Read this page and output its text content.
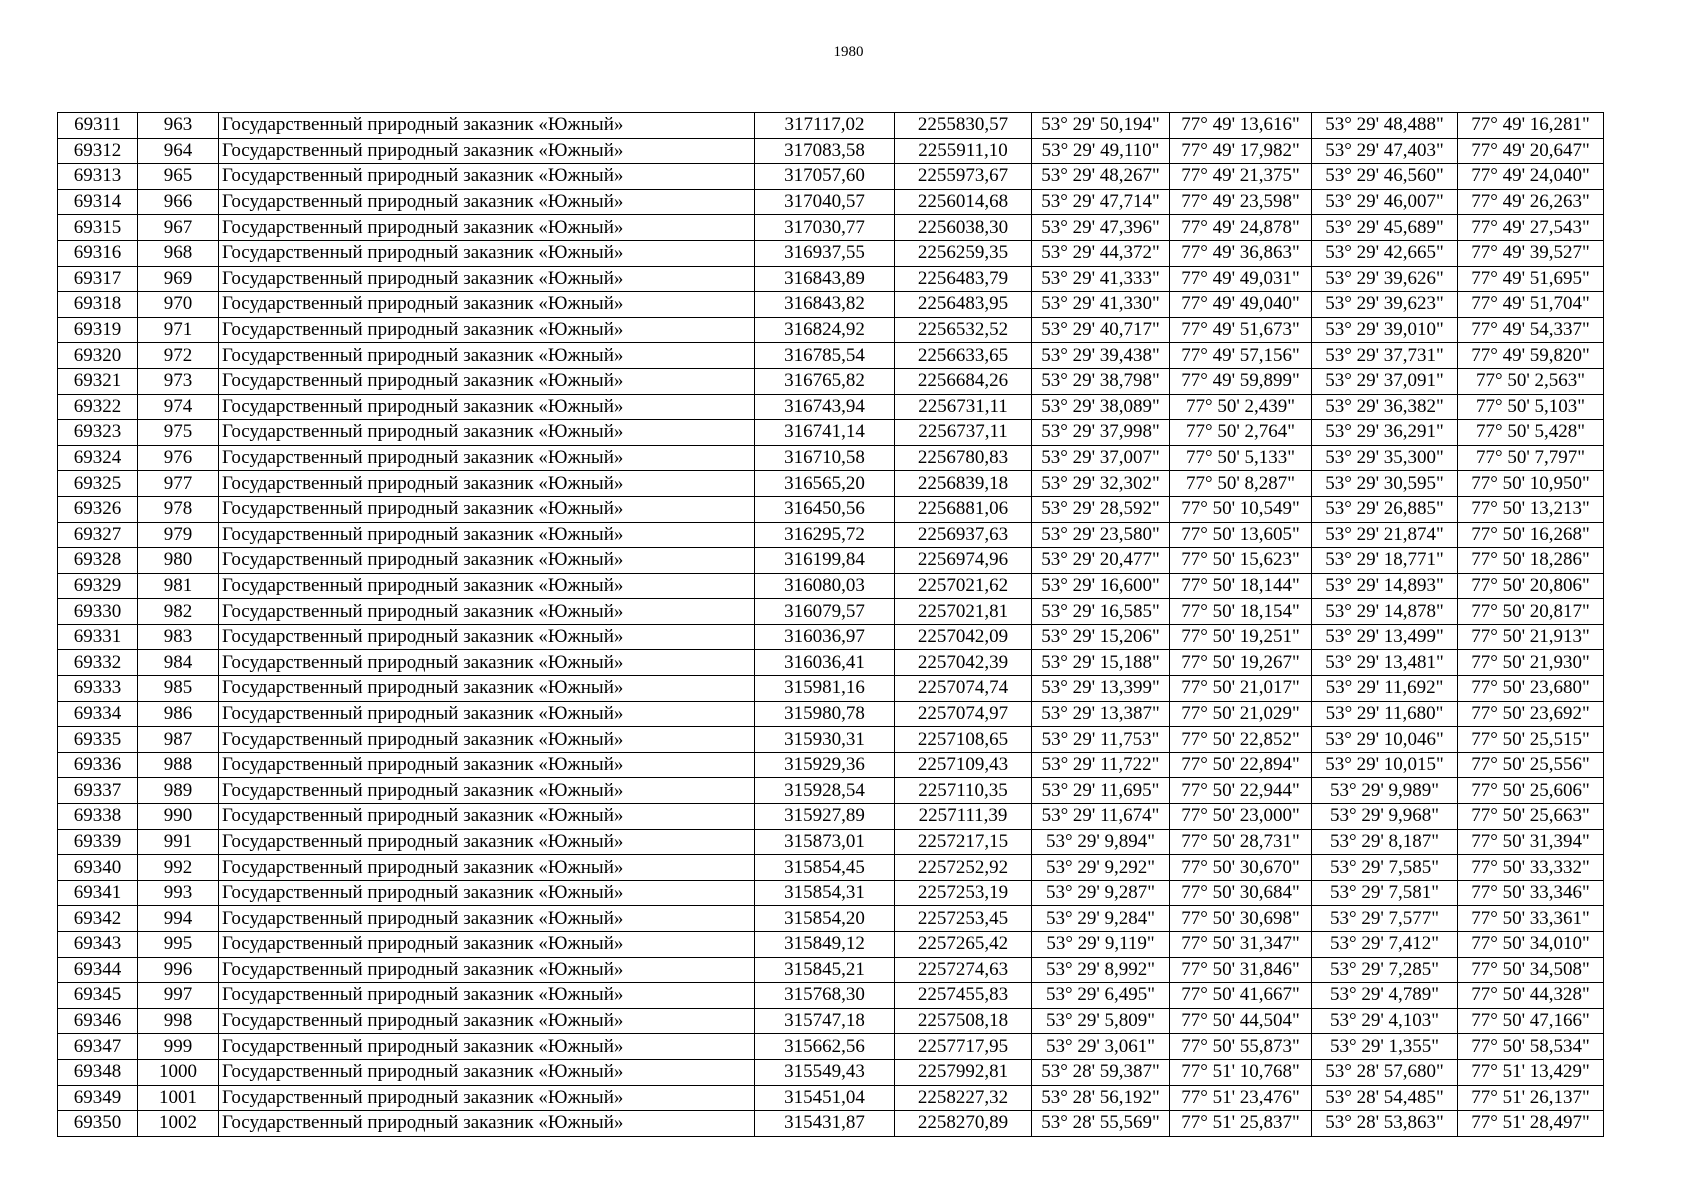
1980
69311	963	Государственный природный заказник «Южный»	317117,02	2255830,57	53° 29' 50,194"	77° 49' 13,616"	53° 29' 48,488"	77° 49' 16,281"
69312	964	Государственный природный заказник «Южный»	317083,58	2255911,10	53° 29' 49,110"	77° 49' 17,982"	53° 29' 47,403"	77° 49' 20,647"
69313	965	Государственный природный заказник «Южный»	317057,60	2255973,67	53° 29' 48,267"	77° 49' 21,375"	53° 29' 46,560"	77° 49' 24,040"
69314	966	Государственный природный заказник «Южный»	317040,57	2256014,68	53° 29' 47,714"	77° 49' 23,598"	53° 29' 46,007"	77° 49' 26,263"
69315	967	Государственный природный заказник «Южный»	317030,77	2256038,30	53° 29' 47,396"	77° 49' 24,878"	53° 29' 45,689"	77° 49' 27,543"
69316	968	Государственный природный заказник «Южный»	316937,55	2256259,35	53° 29' 44,372"	77° 49' 36,863"	53° 29' 42,665"	77° 49' 39,527"
69317	969	Государственный природный заказник «Южный»	316843,89	2256483,79	53° 29' 41,333"	77° 49' 49,031"	53° 29' 39,626"	77° 49' 51,695"
69318	970	Государственный природный заказник «Южный»	316843,82	2256483,95	53° 29' 41,330"	77° 49' 49,040"	53° 29' 39,623"	77° 49' 51,704"
69319	971	Государственный природный заказник «Южный»	316824,92	2256532,52	53° 29' 40,717"	77° 49' 51,673"	53° 29' 39,010"	77° 49' 54,337"
69320	972	Государственный природный заказник «Южный»	316785,54	2256633,65	53° 29' 39,438"	77° 49' 57,156"	53° 29' 37,731"	77° 49' 59,820"
69321	973	Государственный природный заказник «Южный»	316765,82	2256684,26	53° 29' 38,798"	77° 49' 59,899"	53° 29' 37,091"	77° 50' 2,563"
69322	974	Государственный природный заказник «Южный»	316743,94	2256731,11	53° 29' 38,089"	77° 50' 2,439"	53° 29' 36,382"	77° 50' 5,103"
69323	975	Государственный природный заказник «Южный»	316741,14	2256737,11	53° 29' 37,998"	77° 50' 2,764"	53° 29' 36,291"	77° 50' 5,428"
69324	976	Государственный природный заказник «Южный»	316710,58	2256780,83	53° 29' 37,007"	77° 50' 5,133"	53° 29' 35,300"	77° 50' 7,797"
69325	977	Государственный природный заказник «Южный»	316565,20	2256839,18	53° 29' 32,302"	77° 50' 8,287"	53° 29' 30,595"	77° 50' 10,950"
69326	978	Государственный природный заказник «Южный»	316450,56	2256881,06	53° 29' 28,592"	77° 50' 10,549"	53° 29' 26,885"	77° 50' 13,213"
69327	979	Государственный природный заказник «Южный»	316295,72	2256937,63	53° 29' 23,580"	77° 50' 13,605"	53° 29' 21,874"	77° 50' 16,268"
69328	980	Государственный природный заказник «Южный»	316199,84	2256974,96	53° 29' 20,477"	77° 50' 15,623"	53° 29' 18,771"	77° 50' 18,286"
69329	981	Государственный природный заказник «Южный»	316080,03	2257021,62	53° 29' 16,600"	77° 50' 18,144"	53° 29' 14,893"	77° 50' 20,806"
69330	982	Государственный природный заказник «Южный»	316079,57	2257021,81	53° 29' 16,585"	77° 50' 18,154"	53° 29' 14,878"	77° 50' 20,817"
69331	983	Государственный природный заказник «Южный»	316036,97	2257042,09	53° 29' 15,206"	77° 50' 19,251"	53° 29' 13,499"	77° 50' 21,913"
69332	984	Государственный природный заказник «Южный»	316036,41	2257042,39	53° 29' 15,188"	77° 50' 19,267"	53° 29' 13,481"	77° 50' 21,930"
69333	985	Государственный природный заказник «Южный»	315981,16	2257074,74	53° 29' 13,399"	77° 50' 21,017"	53° 29' 11,692"	77° 50' 23,680"
69334	986	Государственный природный заказник «Южный»	315980,78	2257074,97	53° 29' 13,387"	77° 50' 21,029"	53° 29' 11,680"	77° 50' 23,692"
69335	987	Государственный природный заказник «Южный»	315930,31	2257108,65	53° 29' 11,753"	77° 50' 22,852"	53° 29' 10,046"	77° 50' 25,515"
69336	988	Государственный природный заказник «Южный»	315929,36	2257109,43	53° 29' 11,722"	77° 50' 22,894"	53° 29' 10,015"	77° 50' 25,556"
69337	989	Государственный природный заказник «Южный»	315928,54	2257110,35	53° 29' 11,695"	77° 50' 22,944"	53° 29' 9,989"	77° 50' 25,606"
69338	990	Государственный природный заказник «Южный»	315927,89	2257111,39	53° 29' 11,674"	77° 50' 23,000"	53° 29' 9,968"	77° 50' 25,663"
69339	991	Государственный природный заказник «Южный»	315873,01	2257217,15	53° 29' 9,894"	77° 50' 28,731"	53° 29' 8,187"	77° 50' 31,394"
69340	992	Государственный природный заказник «Южный»	315854,45	2257252,92	53° 29' 9,292"	77° 50' 30,670"	53° 29' 7,585"	77° 50' 33,332"
69341	993	Государственный природный заказник «Южный»	315854,31	2257253,19	53° 29' 9,287"	77° 50' 30,684"	53° 29' 7,581"	77° 50' 33,346"
69342	994	Государственный природный заказник «Южный»	315854,20	2257253,45	53° 29' 9,284"	77° 50' 30,698"	53° 29' 7,577"	77° 50' 33,361"
69343	995	Государственный природный заказник «Южный»	315849,12	2257265,42	53° 29' 9,119"	77° 50' 31,347"	53° 29' 7,412"	77° 50' 34,010"
69344	996	Государственный природный заказник «Южный»	315845,21	2257274,63	53° 29' 8,992"	77° 50' 31,846"	53° 29' 7,285"	77° 50' 34,508"
69345	997	Государственный природный заказник «Южный»	315768,30	2257455,83	53° 29' 6,495"	77° 50' 41,667"	53° 29' 4,789"	77° 50' 44,328"
69346	998	Государственный природный заказник «Южный»	315747,18	2257508,18	53° 29' 5,809"	77° 50' 44,504"	53° 29' 4,103"	77° 50' 47,166"
69347	999	Государственный природный заказник «Южный»	315662,56	2257717,95	53° 29' 3,061"	77° 50' 55,873"	53° 29' 1,355"	77° 50' 58,534"
69348	1000	Государственный природный заказник «Южный»	315549,43	2257992,81	53° 28' 59,387"	77° 51' 10,768"	53° 28' 57,680"	77° 51' 13,429"
69349	1001	Государственный природный заказник «Южный»	315451,04	2258227,32	53° 28' 56,192"	77° 51' 23,476"	53° 28' 54,485"	77° 51' 26,137"
69350	1002	Государственный природный заказник «Южный»	315431,87	2258270,89	53° 28' 55,569"	77° 51' 25,837"	53° 28' 53,863"	77° 51' 28,497"
